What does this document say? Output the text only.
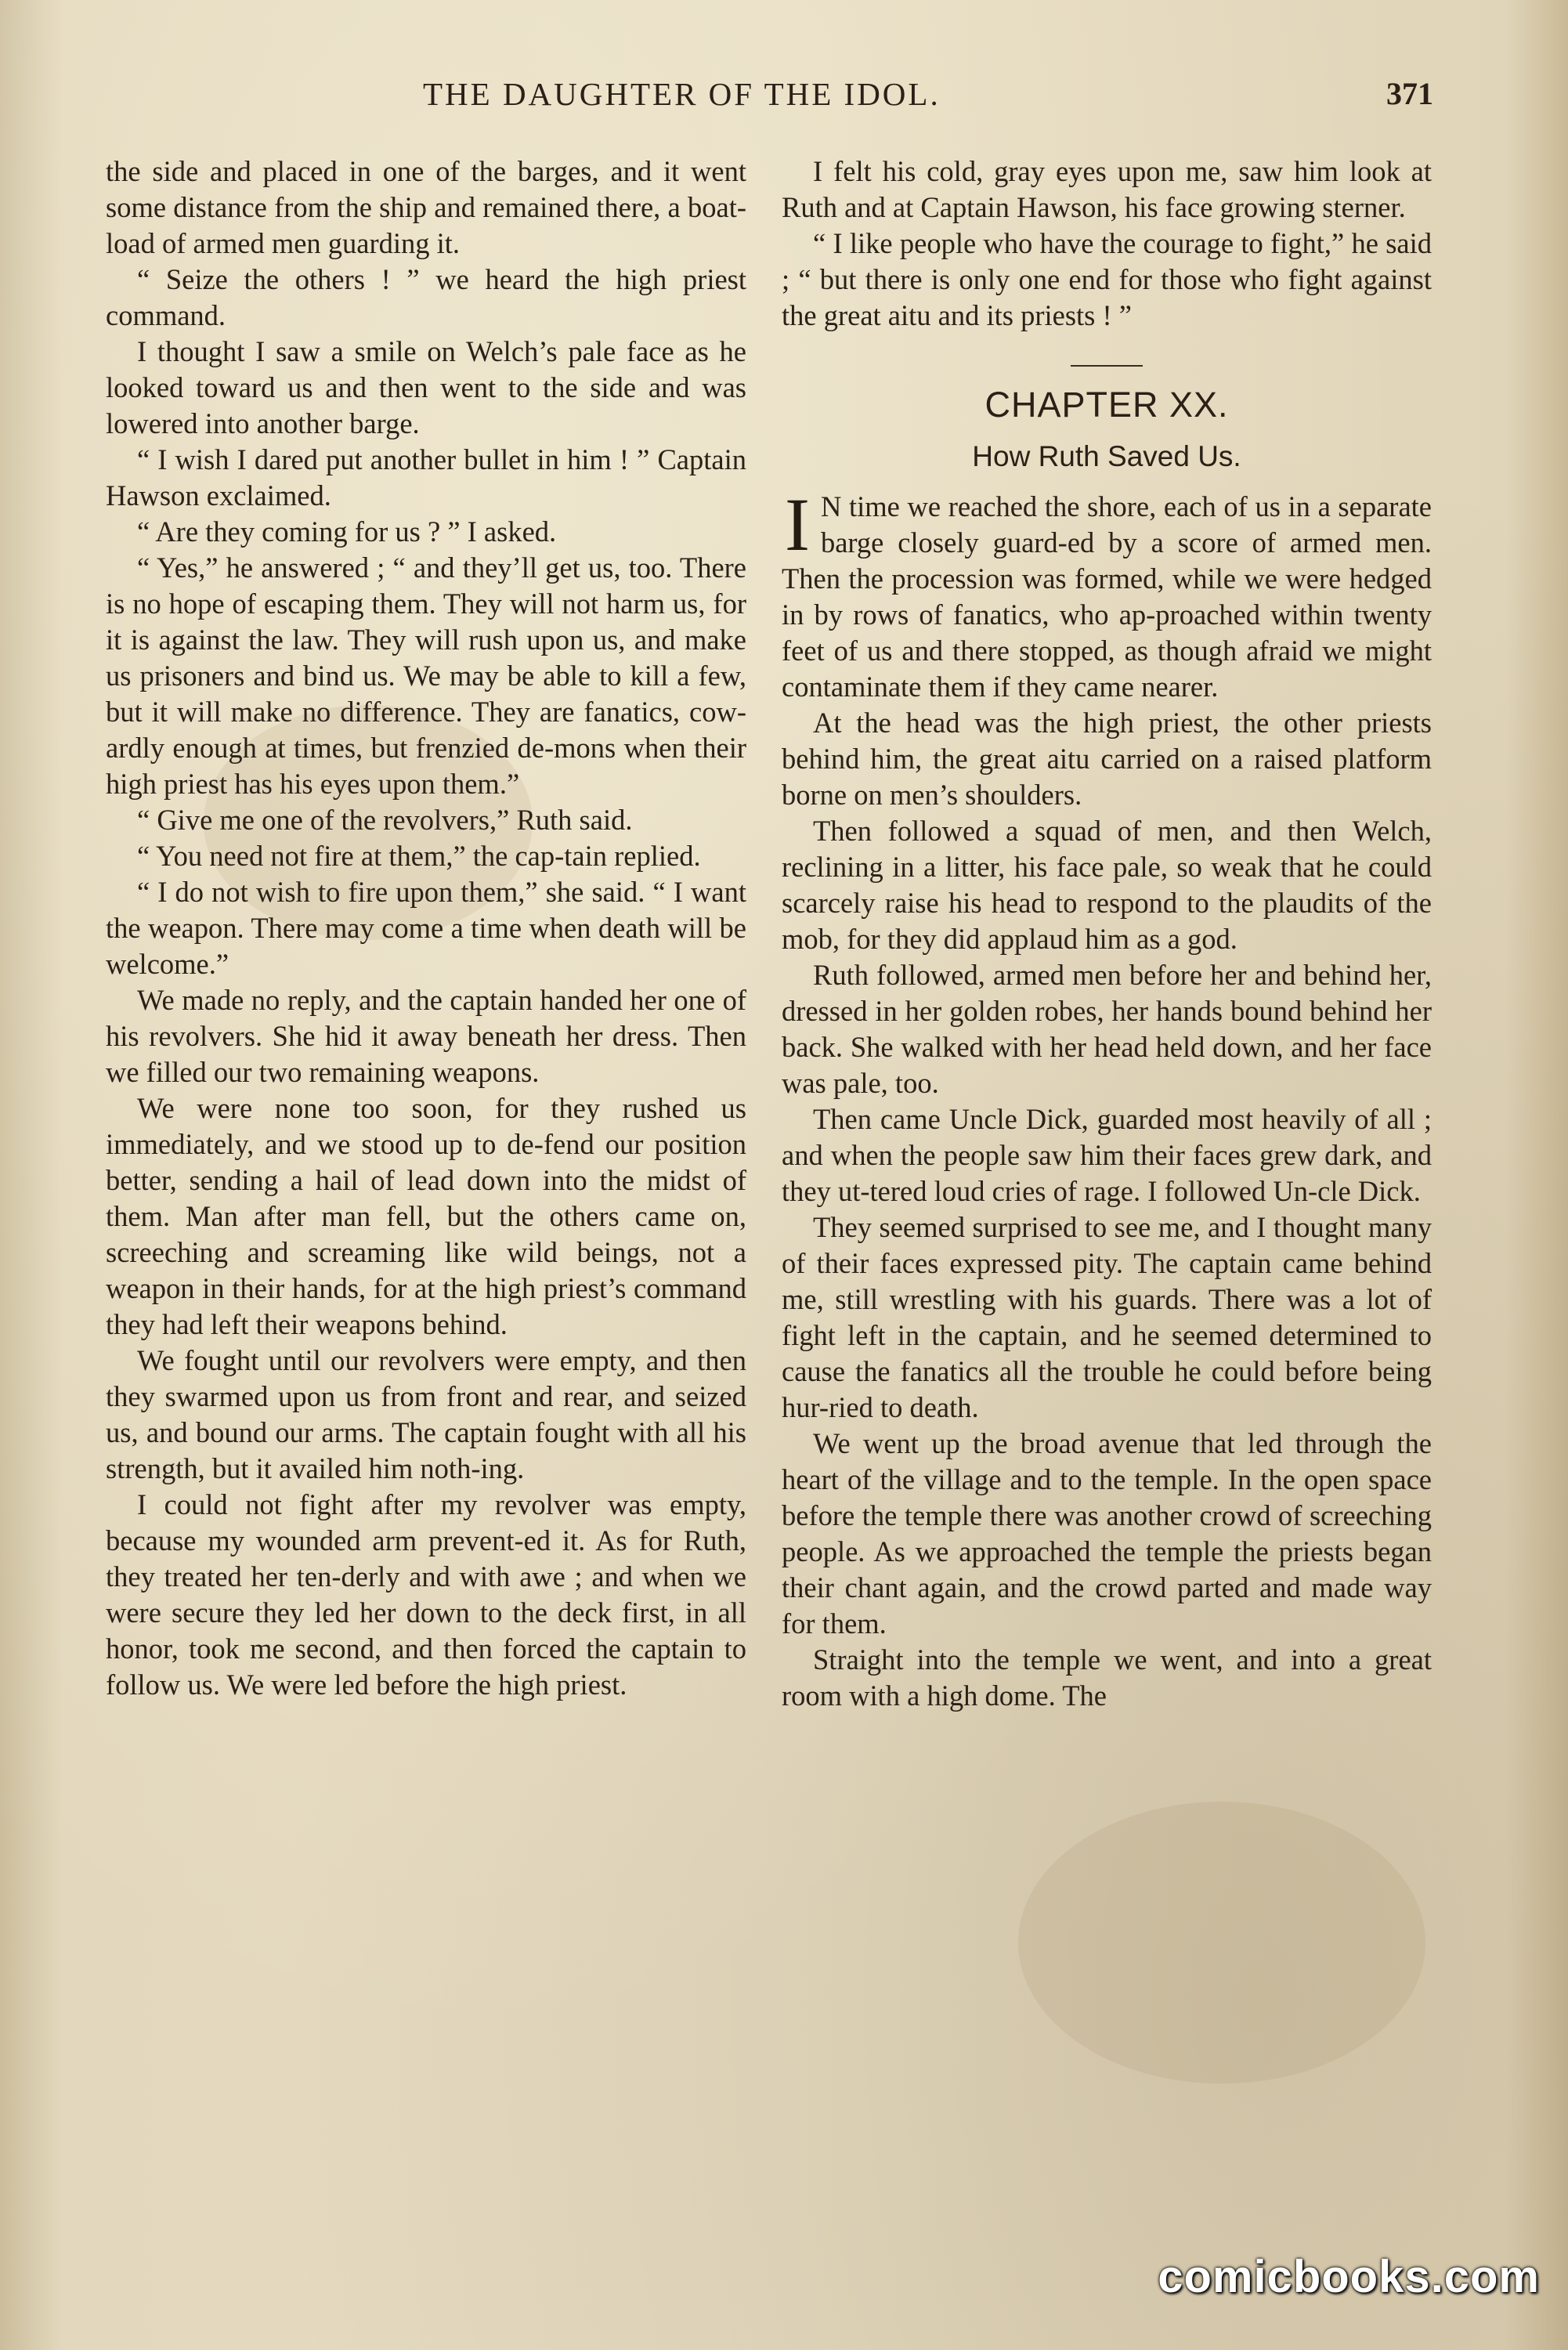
THE DAUGHTER OF THE IDOL.	371

the side and placed in one of the barges, and it went some distance from the ship and remained there, a boat-load of armed men guarding it.

“ Seize the others ! ” we heard the high priest command.

I thought I saw a smile on Welch’s pale face as he looked toward us and then went to the side and was lowered into another barge.

“ I wish I dared put another bullet in him ! ” Captain Hawson exclaimed.

“ Are they coming for us ? ” I asked.

“ Yes,” he answered ; “ and they’ll get us, too. There is no hope of escaping them. They will not harm us, for it is against the law. They will rush upon us, and make us prisoners and bind us. We may be able to kill a few, but it will make no difference. They are fanatics, cow-ardly enough at times, but frenzied de-mons when their high priest has his eyes upon them.”

“ Give me one of the revolvers,” Ruth said.

“ You need not fire at them,” the cap-tain replied.

“ I do not wish to fire upon them,” she said. “ I want the weapon. There may come a time when death will be welcome.”

We made no reply, and the captain handed her one of his revolvers. She hid it away beneath her dress. Then we filled our two remaining weapons.

We were none too soon, for they rushed us immediately, and we stood up to de-fend our position better, sending a hail of lead down into the midst of them. Man after man fell, but the others came on, screeching and screaming like wild beings, not a weapon in their hands, for at the high priest’s command they had left their weapons behind.

We fought until our revolvers were empty, and then they swarmed upon us from front and rear, and seized us, and bound our arms. The captain fought with all his strength, but it availed him noth-ing.

I could not fight after my revolver was empty, because my wounded arm prevent-ed it. As for Ruth, they treated her ten-derly and with awe ; and when we were secure they led her down to the deck first, in all honor, took me second, and then forced the captain to follow us. We were led before the high priest.

I felt his cold, gray eyes upon me, saw him look at Ruth and at Captain Hawson, his face growing sterner.

“ I like people who have the courage to fight,” he said ; “ but there is only one end for those who fight against the great aitu and its priests ! ”

CHAPTER XX.
How Ruth Saved Us.

I N time we reached the shore, each of us in a separate barge closely guard-ed by a score of armed men. Then the procession was formed, while we were hedged in by rows of fanatics, who ap-proached within twenty feet of us and there stopped, as though afraid we might contaminate them if they came nearer.

At the head was the high priest, the other priests behind him, the great aitu carried on a raised platform borne on men’s shoulders.

Then followed a squad of men, and then Welch, reclining in a litter, his face pale, so weak that he could scarcely raise his head to respond to the plaudits of the mob, for they did applaud him as a god.

Ruth followed, armed men before her and behind her, dressed in her golden robes, her hands bound behind her back. She walked with her head held down, and her face was pale, too.

Then came Uncle Dick, guarded most heavily of all ; and when the people saw him their faces grew dark, and they ut-tered loud cries of rage. I followed Un-cle Dick.

They seemed surprised to see me, and I thought many of their faces expressed pity. The captain came behind me, still wrestling with his guards. There was a lot of fight left in the captain, and he seemed determined to cause the fanatics all the trouble he could before being hur-ried to death.

We went up the broad avenue that led through the heart of the village and to the temple. In the open space before the temple there was another crowd of screeching people. As we approached the temple the priests began their chant again, and the crowd parted and made way for them.

Straight into the temple we went, and into a great room with a high dome. The

comicbooks.com
